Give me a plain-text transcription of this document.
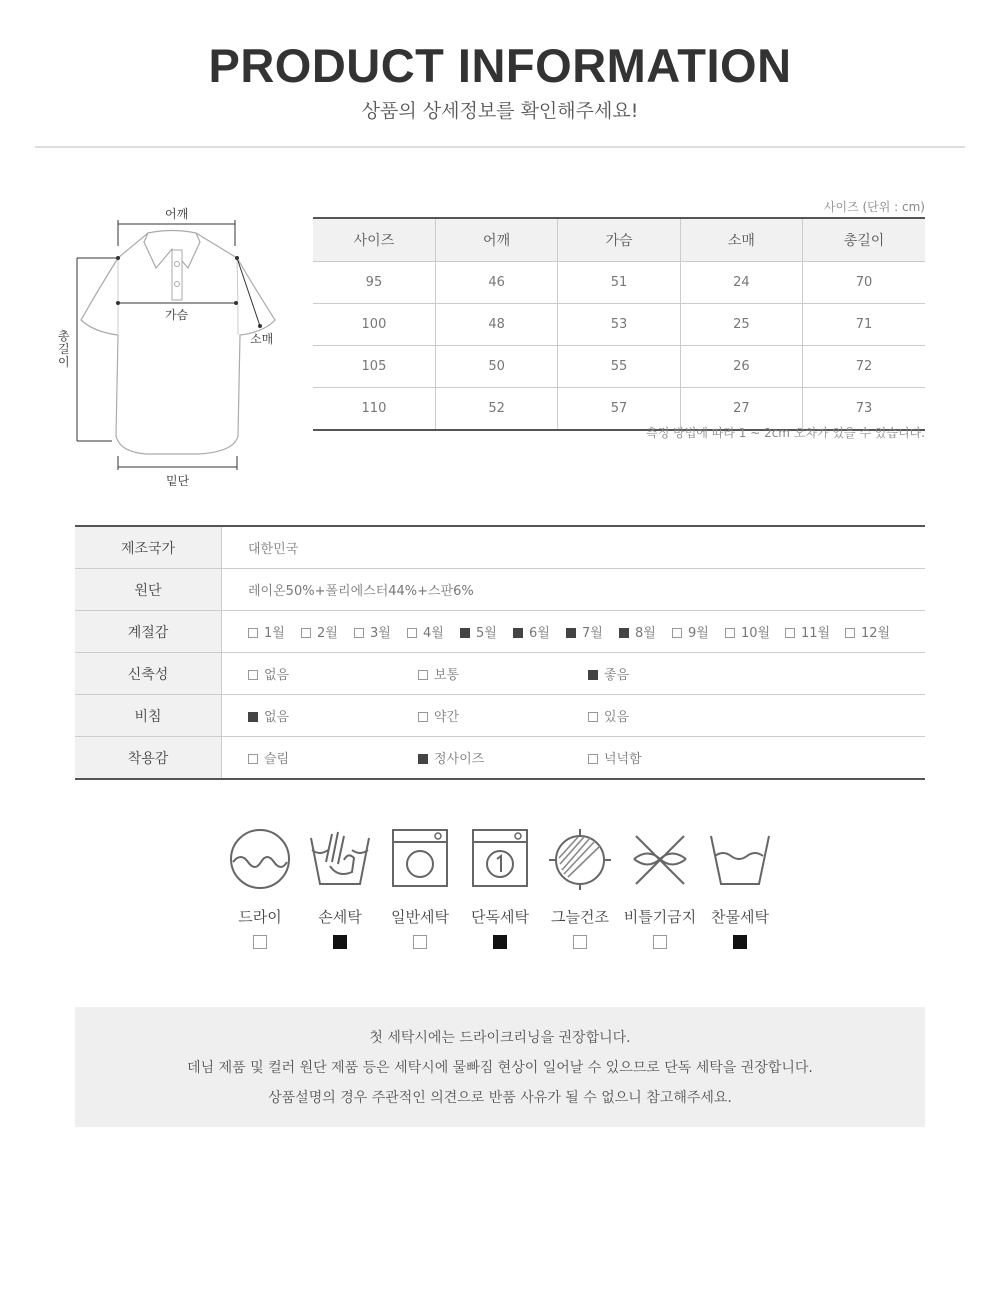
PRODUCT INFORMATION
상품의 상세정보를 확인해주세요!
어깨
가슴
소매
총길이
밑단
사이즈 (단위 : cm)
사이즈	어깨	가슴	소매	총길이
95	46	51	24	70
100	48	53	25	71
105	50	55	26	72
110	52	57	27	73
측정 방법에 따라 1 ~ 2cm 오차가 있을 수 있습니다.
제조국가	대한민국
원단	레이온50%+폴리에스터44%+스판6%
계절감	1월 2월 3월 4월 5월 6월 7월 8월 9월 10월 11월 12월
신축성	없음 보통 좋음
비침	없음 약간 있음
착용감	슬림 정사이즈 넉넉함
드라이	손세탁	일반세탁	단독세탁	그늘건조 비틀기금지 찬물세탁

첫 세탁시에는 드라이크리닝을 권장합니다.

데님 제품 및 컬러 원단 제품 등은 세탁시에 물빠짐 현상이 일어날 수 있으므로 단독 세탁을 권장합니다.

상품설명의 경우 주관적인 의견으로 반품 사유가 될 수 없으니 참고해주세요.
